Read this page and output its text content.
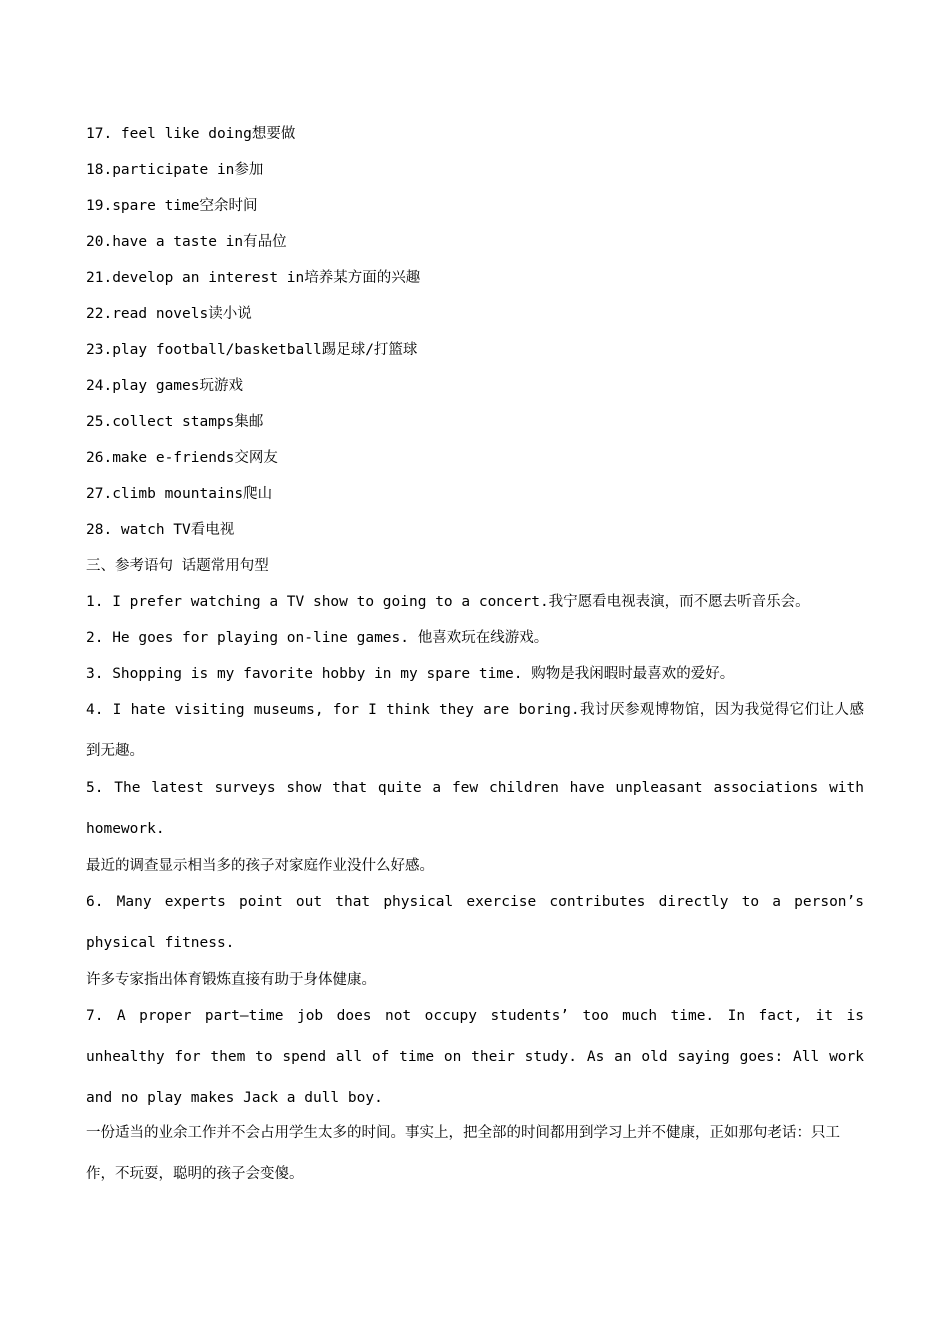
17. feel like doing想要做

18.participate in参加

19.spare time空余时间

20.have a taste in有品位

21.develop an interest in培养某方面的兴趣

22.read novels读小说

23.play football/basketball踢足球/打篮球

24.play games玩游戏

25.collect stamps集邮

26.make e-friends交网友

27.climb mountains爬山

28. watch TV看电视

三、参考语句 话题常用句型

1. I prefer watching a TV show to going to a concert.我宁愿看电视表演，而不愿去听音乐会。

2. He goes for playing on-line games. 他喜欢玩在线游戏。

3. Shopping is my favorite hobby in my spare time. 购物是我闲暇时最喜欢的爱好。

4. I hate visiting museums, for I think they are boring.我讨厌参观博物馆，因为我觉得它们让人感到无趣。

5. The latest surveys show that quite a few children have unpleasant associations with homework.

最近的调查显示相当多的孩子对家庭作业没什么好感。

6. Many experts point out that physical exercise contributes directly to a person’s physical fitness.

许多专家指出体育锻炼直接有助于身体健康。

7. A proper part—time job does not occupy students’ too much time. In fact, it is unhealthy for them to spend all of time on their study. As an old saying goes: All work and no play makes Jack a dull boy.

一份适当的业余工作并不会占用学生太多的时间。事实上，把全部的时间都用到学习上并不健康，正如那句老话：只工作，不玩耍，聪明的孩子会变傻。
